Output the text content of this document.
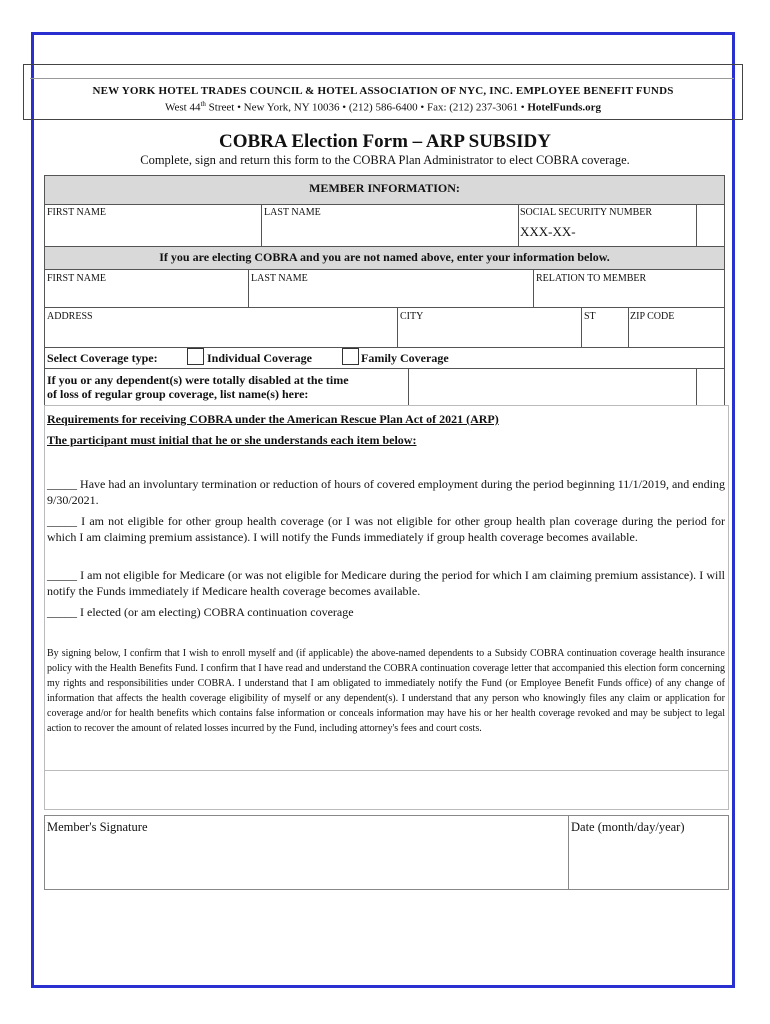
NEW YORK HOTEL TRADES COUNCIL & HOTEL ASSOCIATION OF NYC, INC. EMPLOYEE BENEFIT FUNDS
West 44th Street • New York, NY 10036 • (212) 586-6400 • Fax: (212) 237-3061 • HotelFunds.org
COBRA Election Form – ARP SUBSIDY
Complete, sign and return this form to the COBRA Plan Administrator to elect COBRA coverage.
MEMBER INFORMATION:
FIRST NAME	LAST NAME	SOCIAL SECURITY NUMBER
XXX-XX-
If you are electing COBRA and you are not named above, enter your information below.
FIRST NAME	LAST NAME	RELATION TO MEMBER
ADDRESS	CITY	ST	ZIP CODE
Select Coverage type:	Individual Coverage	Family Coverage
If you or any dependent(s) were totally disabled at the time
of loss of regular group coverage, list name(s) here:
Requirements for receiving COBRA under the American Rescue Plan Act of 2021 (ARP)
The participant must initial that he or she understands each item below:
_____ Have had an involuntary termination or reduction of hours of covered employment during the period beginning 11/1/2019, and ending 9/30/2021.
_____ I am not eligible for other group health coverage (or I was not eligible for other group health plan coverage during the period for which I am claiming premium assistance). I will notify the Funds immediately if group health coverage becomes available.
_____ I am not eligible for Medicare (or was not eligible for Medicare during the period for which I am claiming premium assistance). I will notify the Funds immediately if Medicare health coverage becomes available.
_____ I elected (or am electing) COBRA continuation coverage
By signing below, I confirm that I wish to enroll myself and (if applicable) the above-named dependents to a Subsidy COBRA continuation coverage health insurance policy with the Health Benefits Fund. I confirm that I have read and understand the COBRA continuation coverage letter that accompanied this election form concerning my rights and responsibilities under COBRA. I understand that I am obligated to immediately notify the Fund (or Employee Benefit Funds office) of any change of information that affects the health coverage eligibility of myself or any dependent(s). I understand that any person who knowingly files any claim or application for coverage and/or for health benefits which contains false information or conceals information may have his or her health coverage revoked and may be subject to legal action to recover the amount of related losses incurred by the Fund, including attorney's fees and court costs.
Member's Signature	Date (month/day/year)
